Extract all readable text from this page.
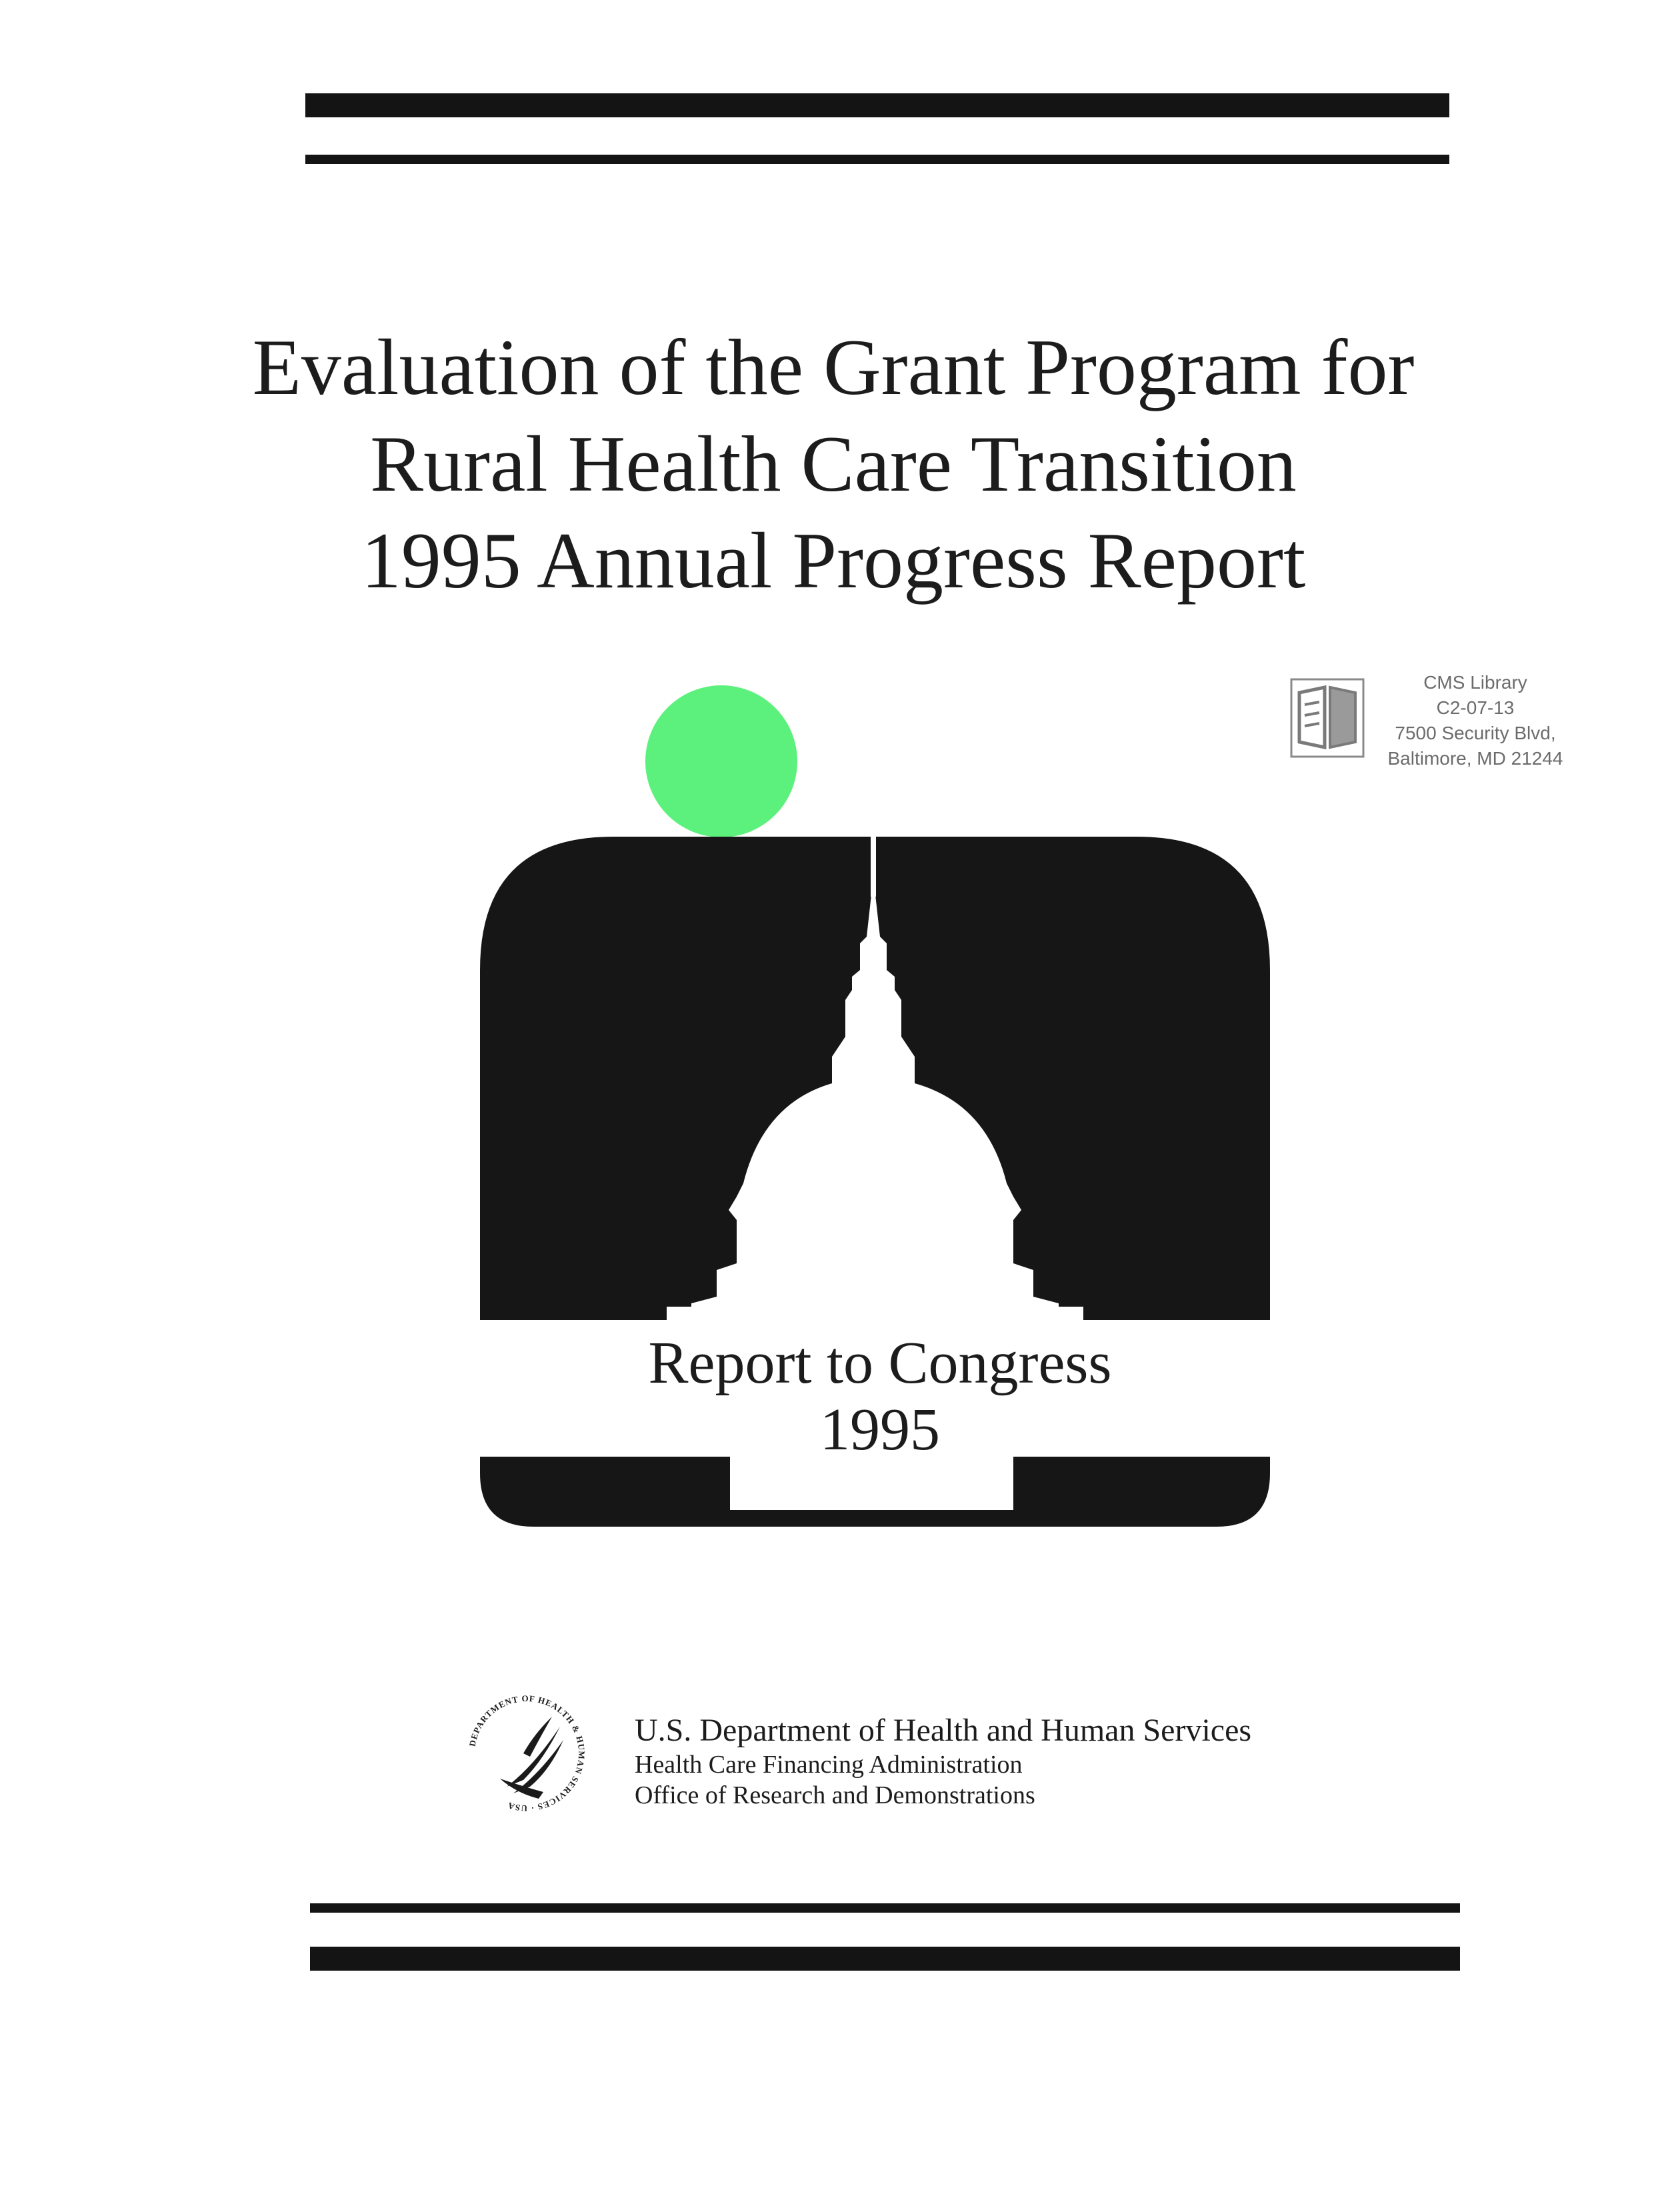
Evaluation of the Grant Program for
Rural Health Care Transition
1995 Annual Progress Report
CMS Library
C2-07-13
7500 Security Blvd,
Baltimore, MD 21244
Report to Congress
1995
DEPARTMENT OF HEALTH & HUMAN SERVICES · USA
U.S. Department of Health and Human Services
Health Care Financing Administration
Office of Research and Demonstrations
